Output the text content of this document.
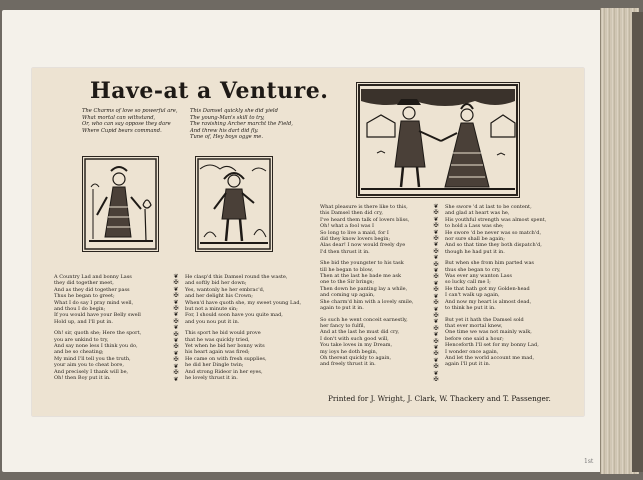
Have-at a Venture.
The Charms of love so powerful are,
What mortal can withstand,
Or, who can say oppose they dare
Where Cupid bears command.
This Damsel quickly she did yield
The young-Man's skill to try,
The ravishing Archer marcht the Field,
And threw his dart did fly.
Tune of, Hey boys ogge me.
A Country Lad and bonny Lass
they did together meet,
And as they did together pass
Thus he began to greet;
What I do say I pray mind well,
and thou I do begin;
If you would have your Belly swell
Hold up, and I'll put in.
Oh! sir, quoth she; Here the sport,
you are unkind to try,
And say none less I think you do,
and be so cheating;
My mind I'll tell you the truth,
your aim you to cheat bore,
And precisely I thank will be,
Oh! then Boy put it in.
❦
✠
❦
✠
❦
✠
❦
✠
❦
✠
❦
✠
❦
✠
❦
✠
❦
He clasp'd this Damsel round the waste,
and softly bid her down;
Yes, wantonly he her embrac'd,
and her delight his Crown;
When'd have quoth she, my sweet young Lad,
but not a minute sin;
For, I should soon have you quite mad,
and you nou put it in.
This sport he bid would prove
that he was quickly tried,
Yet when he bid her bonny wits
his heart again was fired;
He came on with fresh supplies,
he did her Dingle twin;
And strong Rideor in her eyes,
he lovely thrust it in.
What pleasure is there like to this,
this Damsel then did cry,
I've heard them talk of lovers bliss,
Oh! what a fool was I
So long to live a maid, for I
did they know lovers begin;
Alas dear! I now would freely dye
I'd then thrust it in.
She bid the youngster to his task
till he began to blow,
Then at the last he bade me ask
one to the Sir brings;
Then down he panting lay a while,
and coming up again,
She charm'd him with a lovely smile,
again to put it in.
So such he went conceit earnestly,
her fancy to fulfil,
And at the last he must did cry,
I don't with such good will,
You take loves in my Dream,
my ioys he doth begin,
Oh thereat quickly to again,
and freely thrust it in.
❦
✠
❦
✠
❦
✠
❦
✠
❦
✠
❦
✠
❦
✠
❦
✠
❦
✠
❦
✠
❦
✠
❦
✠
❦
✠
❦
✠
She swore 'd at last to be content,
and glad at heart was he,
His youthful strength was almost spent,
to hold a Lass was she;
He swore 'd be never was so match'd,
nor sure shall be again;
And so that time they both dispatch'd,
though he had put it in.
But when she from him parted was
thus she began to cry,
Was ever any wanton Lass
so lucky call me I;
He that hath got my Golden-head
I can't walk up again,
And now my heart is almost dead,
to think he put it in.
But yet it hath the Damsel sold
that ever mortal knew,
One time we was not mainly walk,
before one said a hour;
Henceforth I'll set for my bonny Lad,
I wonder once again,
And let the world account me mad,
again I'll put it in.
Printed for J. Wright, J. Clark, W. Thackery and T. Passenger.
1st
